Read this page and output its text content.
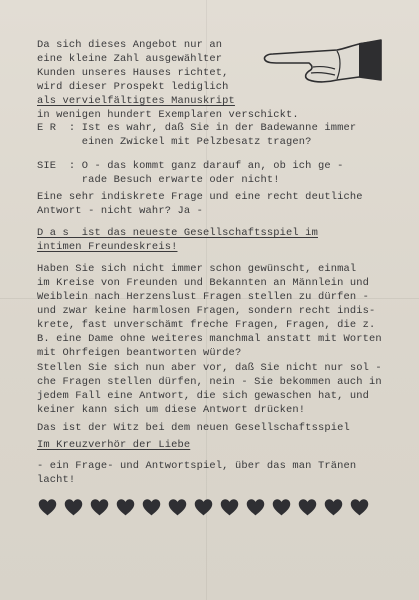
Da sich dieses Angebot nur an
eine kleine Zahl ausgewählter
Kunden unseres Hauses richtet,
wird dieser Prospekt lediglich
als vervielfältigtes Manuskript
in wenigen hundert Exemplaren verschickt.
E R  : Ist es wahr, daß Sie in der Badewanne immer
einen Zwickel mit Pelzbesatz tragen?
SIE  : O - das kommt ganz darauf an, ob ich ge -
rade Besuch erwarte oder nicht!
Eine sehr indiskrete Frage und eine recht deutliche
Antwort - nicht wahr? Ja -
D a s  ist das neueste Gesellschaftsspiel im
intimen Freundeskreis!
Haben Sie sich nicht immer schon gewünscht, einmal
im Kreise von Freunden und Bekannten an Männlein und
Weiblein nach Herzenslust Fragen stellen zu dürfen -
und zwar keine harmlosen Fragen, sondern recht indis-
krete, fast unverschämt freche Fragen, Fragen, die z.
B. eine Dame ohne weiteres manchmal anstatt mit Worten
mit Ohrfeigen beantworten würde?
Stellen Sie sich nun aber vor, daß Sie nicht nur sol -
che Fragen stellen dürfen, nein - Sie bekommen auch in
jedem Fall eine Antwort, die sich gewaschen hat, und
keiner kann sich um diese Antwort drücken!
Das ist der Witz bei dem neuen Gesellschaftsspiel
Im Kreuzverhör der Liebe
- ein Frage- und Antwortspiel, über das man Tränen
lacht!
